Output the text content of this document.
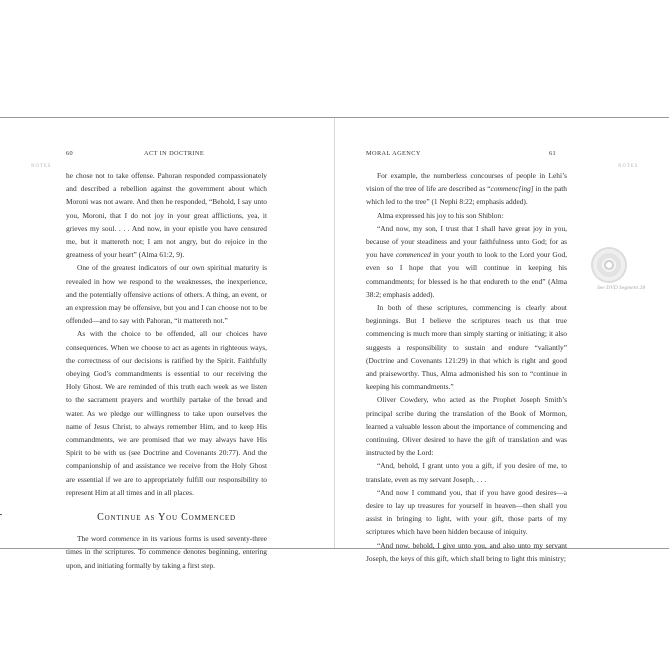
60	ACT IN DOCTRINE
NOTES

he chose not to take offense. Pahoran responded compassionately and described a rebellion against the government about which Moroni was not aware. And then he responded, “Behold, I say unto you, Moroni, that I do not joy in your great afflictions, yea, it grieves my soul. . . . And now, in your epistle you have censured me, but it mattereth not; I am not angry, but do rejoice in the greatness of your heart” (Alma 61:2, 9).

One of the greatest indicators of our own spiritual maturity is revealed in how we respond to the weaknesses, the inexperience, and the potentially offensive actions of others. A thing, an event, or an expression may be offensive, but you and I can choose not to be offended—and to say with Pahoran, “it mattereth not.”

As with the choice to be offended, all our choices have consequences. When we choose to act as agents in righteous ways, the correctness of our decisions is ratified by the Spirit. Faithfully obeying God’s commandments is essential to our receiving the Holy Ghost. We are reminded of this truth each week as we listen to the sacrament prayers and worthily partake of the bread and water. As we pledge our willingness to take upon ourselves the name of Jesus Christ, to always remember Him, and to keep His commandments, we are promised that we may always have His Spirit to be with us (see Doctrine and Covenants 20:77). And the companionship of and assistance we receive from the Holy Ghost are essential if we are to appropriately fulfill our responsibility to represent Him at all times and in all places.

Continue as You Commenced

The word commence in its various forms is used seventy-three times in the scriptures. To commence denotes beginning, entering upon, and initiating formally by taking a first step.

MORAL AGENCY	61
NOTES

For example, the numberless concourses of people in Lehi’s vision of the tree of life are described as “commenc[ing] in the path which led to the tree” (1 Nephi 8:22; emphasis added).

Alma expressed his joy to his son Shiblon:

“And now, my son, I trust that I shall have great joy in you, because of your steadiness and your faithfulness unto God; for as you have commenced in your youth to look to the Lord your God, even so I hope that you will continue in keeping his commandments; for blessed is he that endureth to the end” (Alma 38:2; emphasis added).

In both of these scriptures, commencing is clearly about beginnings. But I believe the scriptures teach us that true commencing is much more than simply starting or initiating; it also suggests a responsibility to sustain and endure “valiantly” (Doctrine and Covenants 121:29) in that which is right and good and praiseworthy. Thus, Alma admonished his son to “continue in keeping his commandments.”

Oliver Cowdery, who acted as the Prophet Joseph Smith’s principal scribe during the translation of the Book of Mormon, learned a valuable lesson about the importance of commencing and continuing. Oliver desired to have the gift of translation and was instructed by the Lord:

“And, behold, I grant unto you a gift, if you desire of me, to translate, even as my servant Joseph, . . .

“And now I command you, that if you have good desires—a desire to lay up treasures for yourself in heaven—then shall you assist in bringing to light, with your gift, those parts of my scriptures which have been hidden because of iniquity.

“And now, behold, I give unto you, and also unto my servant Joseph, the keys of this gift, which shall bring to light this ministry;

See DVD Segment 28
